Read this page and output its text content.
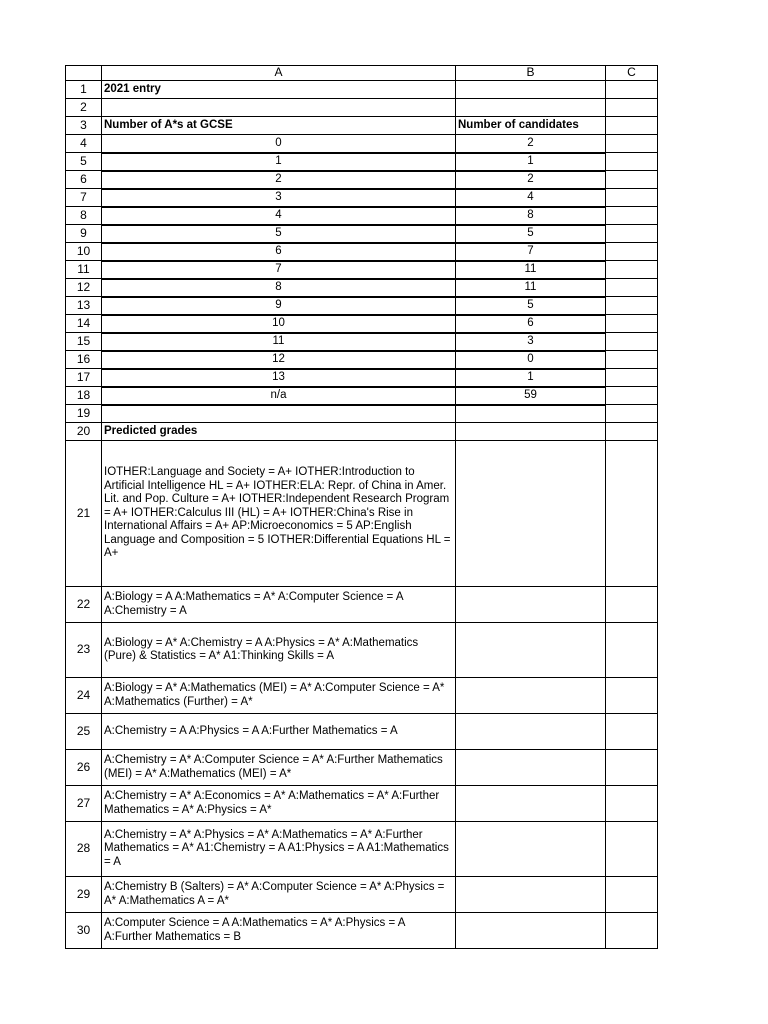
	A	B	C
1	2021 entry		
2			
3	Number of A*s at GCSE	Number of candidates	
4	0	2	
5	1	1	
6	2	2	
7	3	4	
8	4	8	
9	5	5	
10	6	7	
11	7	11	
12	8	11	
13	9	5	
14	10	6	
15	11	3	
16	12	0	
17	13	1	
18	n/a	59	
19			
20	Predicted grades		
21	IOTHER:Language and Society = A+ IOTHER:Introduction to Artificial Intelligence HL = A+ IOTHER:ELA: Repr. of China in Amer. Lit. and Pop. Culture = A+ IOTHER:Independent Research Program = A+ IOTHER:Calculus III (HL) = A+ IOTHER:China's Rise in International Affairs = A+ AP:Microeconomics = 5 AP:English Language and Composition = 5 IOTHER:Differential Equations HL = A+		
22	A:Biology = A A:Mathematics = A* A:Computer Science = A A:Chemistry = A		
23	A:Biology = A* A:Chemistry = A A:Physics = A* A:Mathematics (Pure) & Statistics = A* A1:Thinking Skills = A		
24	A:Biology = A* A:Mathematics (MEI) = A* A:Computer Science = A* A:Mathematics (Further) = A*		
25	A:Chemistry = A A:Physics = A A:Further Mathematics = A		
26	A:Chemistry = A* A:Computer Science = A* A:Further Mathematics (MEI) = A* A:Mathematics (MEI) = A*		
27	A:Chemistry = A* A:Economics = A* A:Mathematics = A* A:Further Mathematics = A* A:Physics = A*		
28	A:Chemistry = A* A:Physics = A* A:Mathematics = A* A:Further Mathematics = A* A1:Chemistry = A A1:Physics = A A1:Mathematics = A		
29	A:Chemistry B (Salters) = A* A:Computer Science = A* A:Physics = A* A:Mathematics A = A*		
30	A:Computer Science = A A:Mathematics = A* A:Physics = A A:Further Mathematics = B		
